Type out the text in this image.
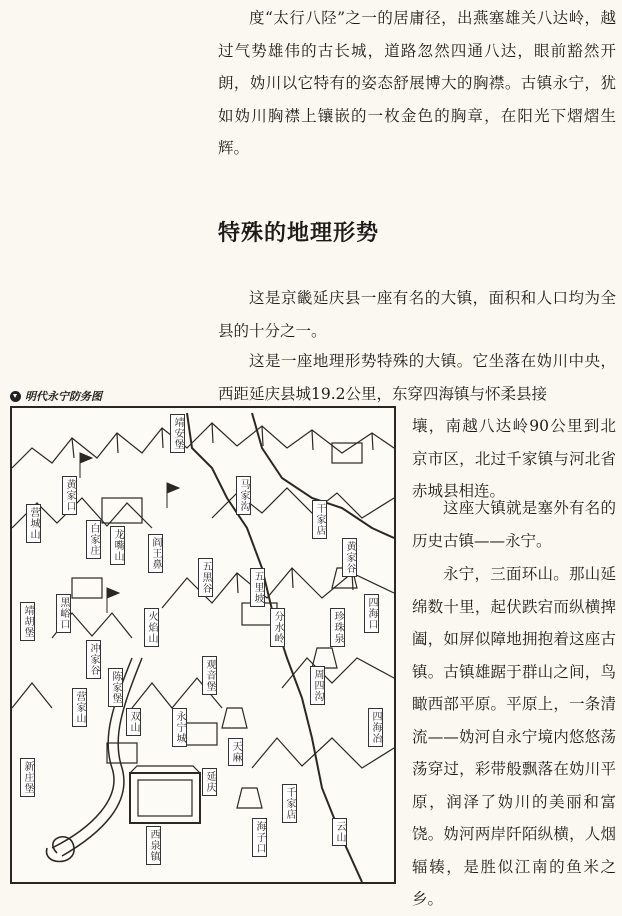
度“太行八陉”之一的居庸径，出燕塞雄关八达岭，越过气势雄伟的古长城，道路忽然四通八达，眼前豁然开朗，妫川以它特有的姿态舒展博大的胸襟。古镇永宁，犹如妫川胸襟上镶嵌的一枚金色的胸章，在阳光下熠熠生辉。

特殊的地理形势

这是京畿延庆县一座有名的大镇，面积和人口均为全县的十分之一。

这是一座地理形势特殊的大镇。它坐落在妫川中央，西距延庆县城19.2公里，东穿四海镇与怀柔县接

壤，南越八达岭90公里到北京市区，北过千家镇与河北省赤城县相连。

这座大镇就是塞外有名的历史古镇——永宁。

永宁，三面环山。那山延绵数十里，起伏跌宕而纵横捭阖，如屏似障地拥抱着这座古镇。古镇雄踞于群山之间，鸟瞰西部平原。平原上，一条清流——妫河自永宁境内悠悠荡荡穿过，彩带般飘落在妫川平原，润泽了妫川的美丽和富饶。妫河两岸阡陌纵横，人烟辐辏，是胜似江南的鱼米之乡。

明代永宁防务图
靖安堡
黄家口
白家庄
营城山
龙嘴山	阎王鼻
五黑谷
黑峪口	火焰山
马家沟
干家店
冲家谷
分水岭
五里坡
珍珠泉 四海口
陈家堡
营家山
观音堡	周四沟
四海冶
天麻
双山
延庆
永宁城
千家店
西泉镇
新庄堡
靖胡堡
海子口	云山
黄家谷
